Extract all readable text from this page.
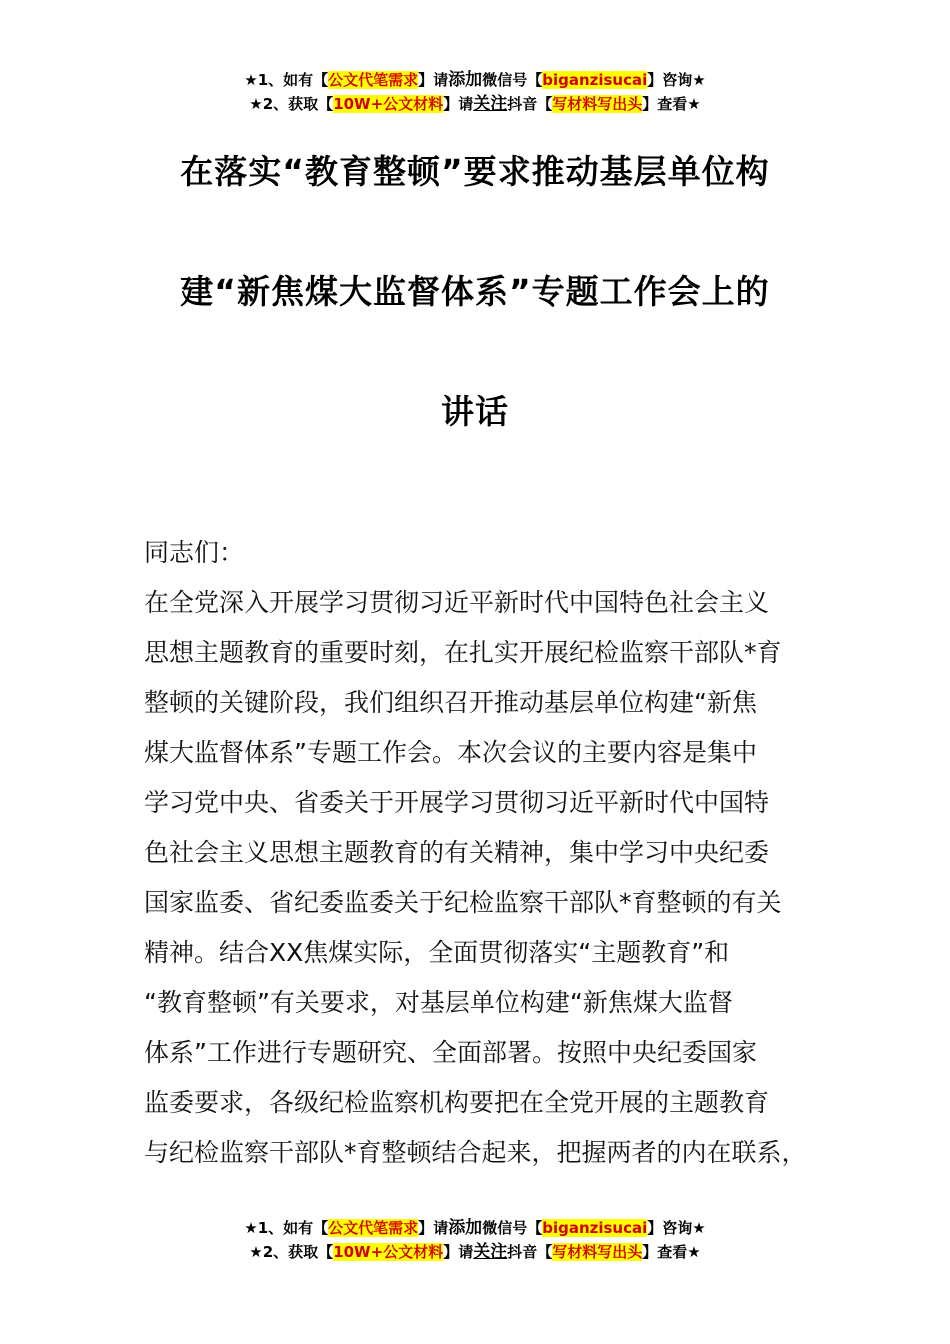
★1、如有【公文代笔需求】请添加微信号【biganzisucai】咨询★
★2、获取【10W+公文材料】请关注抖音【写材料写出头】查看★
在落实“教育整顿”要求推动基层单位构
建“新焦煤大监督体系”专题工作会上的
讲话
同志们：
在全党深入开展学习贯彻习近平新时代中国特色社会主义
思想主题教育的重要时刻，在扎实开展纪检监察干部队*育
整顿的关键阶段，我们组织召开推动基层单位构建“新焦
煤大监督体系”专题工作会。本次会议的主要内容是集中
学习党中央、省委关于开展学习贯彻习近平新时代中国特
色社会主义思想主题教育的有关精神，集中学习中央纪委
国家监委、省纪委监委关于纪检监察干部队*育整顿的有关
精神。结合XX焦煤实际，全面贯彻落实“主题教育”和
“教育整顿”有关要求，对基层单位构建“新焦煤大监督
体系”工作进行专题研究、全面部署。按照中央纪委国家
监委要求，各级纪检监察机构要把在全党开展的主题教育
与纪检监察干部队*育整顿结合起来，把握两者的内在联系，
★1、如有【公文代笔需求】请添加微信号【biganzisucai】咨询★
★2、获取【10W+公文材料】请关注抖音【写材料写出头】查看★
